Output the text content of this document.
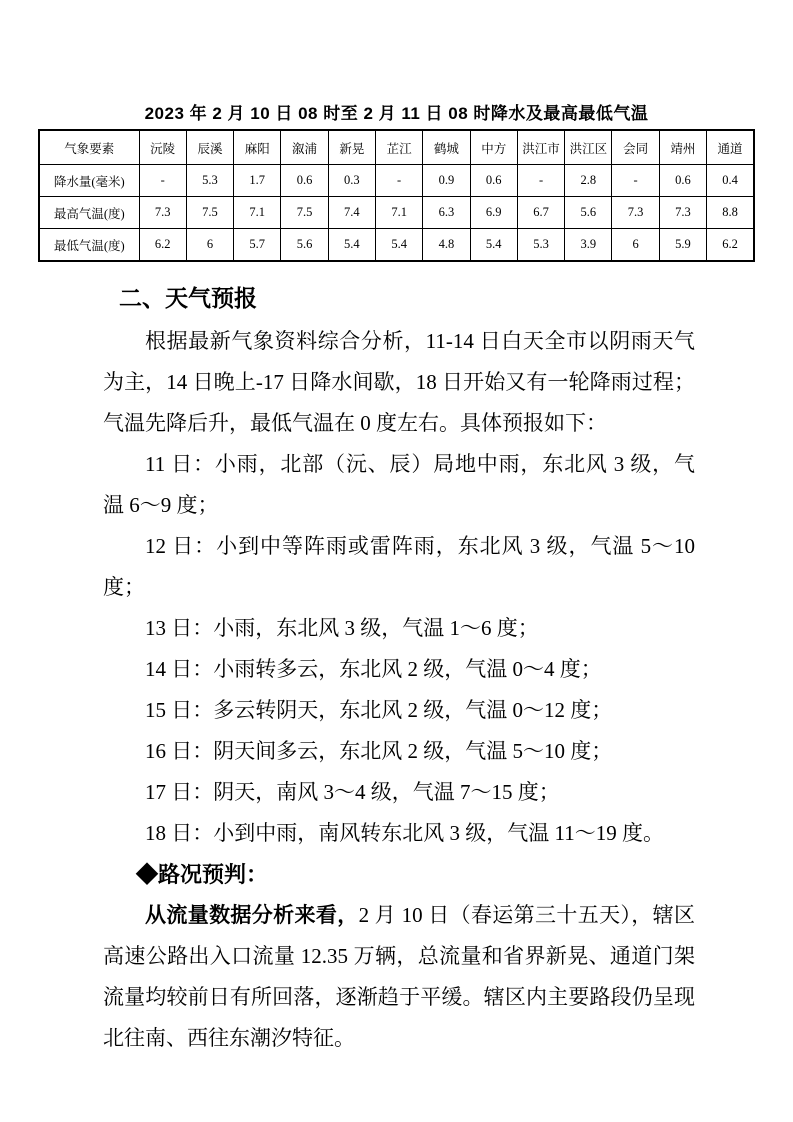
2023 年 2 月 10 日 08 时至 2 月 11 日 08 时降水及最高最低气温
气象要素	沅陵	辰溪	麻阳	溆浦	新晃	芷江	鹤城	中方	洪江市	洪江区	会同	靖州	通道
降水量(毫米)	-	5.3	1.7	0.6	0.3	-	0.9	0.6	-	2.8	-	0.6	0.4
最高气温(度)	7.3	7.5	7.1	7.5	7.4	7.1	6.3	6.9	6.7	5.6	7.3	7.3	8.8
最低气温(度)	6.2	6	5.7	5.6	5.4	5.4	4.8	5.4	5.3	3.9	6	5.9	6.2
二、天气预报

根据最新气象资料综合分析，11-14 日白天全市以阴雨天气为主，14 日晚上-17 日降水间歇，18 日开始又有一轮降雨过程；气温先降后升，最低气温在 0 度左右。具体预报如下：

11 日：小雨，北部（沅、辰）局地中雨，东北风 3 级，气温 6～9 度；

12 日：小到中等阵雨或雷阵雨，东北风 3 级，气温 5～10 度；

13 日：小雨，东北风 3 级，气温 1～6 度；

14 日：小雨转多云，东北风 2 级，气温 0～4 度；

15 日：多云转阴天，东北风 2 级，气温 0～12 度；

16 日：阴天间多云，东北风 2 级，气温 5～10 度；

17 日：阴天，南风 3～4 级，气温 7～15 度；

18 日：小到中雨，南风转东北风 3 级，气温 11～19 度。

◆路况预判：

从流量数据分析来看，2 月 10 日（春运第三十五天），辖区高速公路出入口流量 12.35 万辆，总流量和省界新晃、通道门架流量均较前日有所回落，逐渐趋于平缓。辖区内主要路段仍呈现北往南、西往东潮汐特征。
